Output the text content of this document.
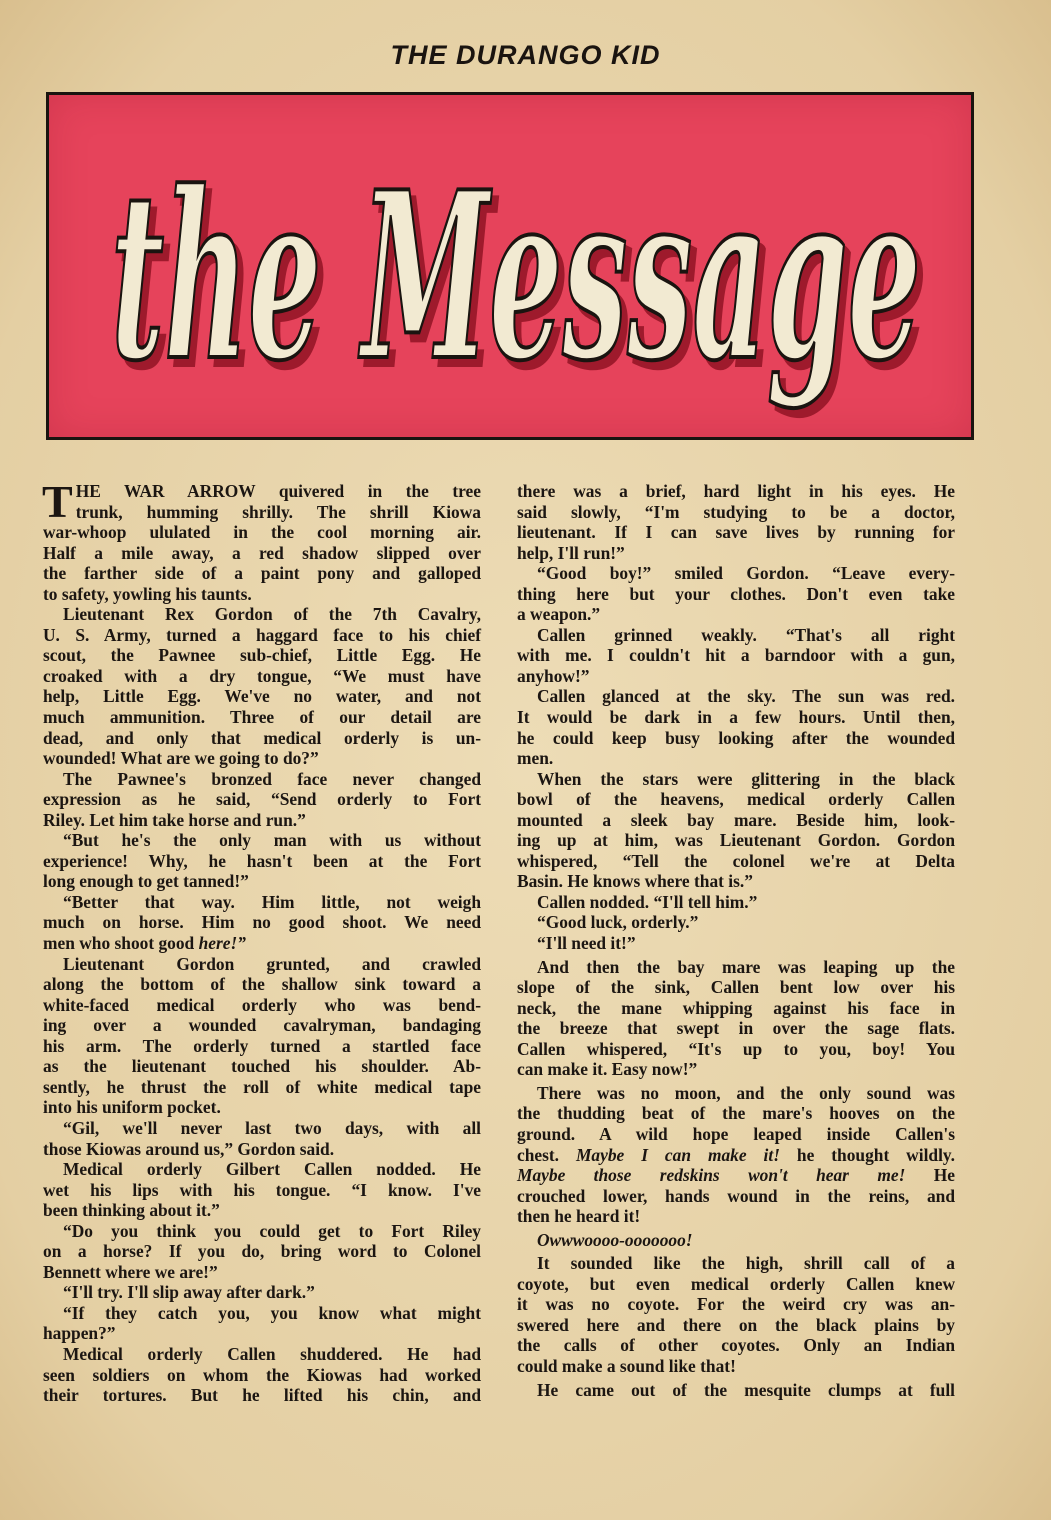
THE DURANGO KID
the Message
T HE WAR ARROW quivered in the tree
trunk, humming shrilly. The shrill Kiowa
war-whoop ululated in the cool morning air.
Half a mile away, a red shadow slipped over
the farther side of a paint pony and galloped
to safety, yowling his taunts.
Lieutenant Rex Gordon of the 7th Cavalry,
U. S. Army, turned a haggard face to his chief
scout, the Pawnee sub-chief, Little Egg. He
croaked with a dry tongue, “We must have
help, Little Egg. We've no water, and not
much ammunition. Three of our detail are
dead, and only that medical orderly is un-
wounded! What are we going to do?”
The Pawnee's bronzed face never changed
expression as he said, “Send orderly to Fort
Riley. Let him take horse and run.”
“But he's the only man with us without
experience! Why, he hasn't been at the Fort
long enough to get tanned!”
“Better that way. Him little, not weigh
much on horse. Him no good shoot. We need
men who shoot good here!”
Lieutenant Gordon grunted, and crawled
along the bottom of the shallow sink toward a
white-faced medical orderly who was bend-
ing over a wounded cavalryman, bandaging
his arm. The orderly turned a startled face
as the lieutenant touched his shoulder. Ab-
sently, he thrust the roll of white medical tape
into his uniform pocket.
“Gil, we'll never last two days, with all
those Kiowas around us,” Gordon said.
Medical orderly Gilbert Callen nodded. He
wet his lips with his tongue. “I know. I've
been thinking about it.”
“Do you think you could get to Fort Riley
on a horse? If you do, bring word to Colonel
Bennett where we are!”
“I'll try. I'll slip away after dark.”
“If they catch you, you know what might
happen?”
Medical orderly Callen shuddered. He had
seen soldiers on whom the Kiowas had worked
their tortures. But he lifted his chin, and
there was a brief, hard light in his eyes. He
said slowly, “I'm studying to be a doctor,
lieutenant. If I can save lives by running for
help, I'll run!”
“Good boy!” smiled Gordon. “Leave every-
thing here but your clothes. Don't even take
a weapon.”
Callen grinned weakly. “That's all right
with me. I couldn't hit a barndoor with a gun,
anyhow!”
Callen glanced at the sky. The sun was red.
It would be dark in a few hours. Until then,
he could keep busy looking after the wounded
men.
When the stars were glittering in the black
bowl of the heavens, medical orderly Callen
mounted a sleek bay mare. Beside him, look-
ing up at him, was Lieutenant Gordon. Gordon
whispered, “Tell the colonel we're at Delta
Basin. He knows where that is.”
Callen nodded. “I'll tell him.”
“Good luck, orderly.”
“I'll need it!”
And then the bay mare was leaping up the
slope of the sink, Callen bent low over his
neck, the mane whipping against his face in
the breeze that swept in over the sage flats.
Callen whispered, “It's up to you, boy! You
can make it. Easy now!”
There was no moon, and the only sound was
the thudding beat of the mare's hooves on the
ground. A wild hope leaped inside Callen's
chest. Maybe I can make it! he thought wildly.
Maybe those redskins won't hear me! He
crouched lower, hands wound in the reins, and
then he heard it!
Owwwoooo-ooooooo!
It sounded like the high, shrill call of a
coyote, but even medical orderly Callen knew
it was no coyote. For the weird cry was an-
swered here and there on the black plains by
the calls of other coyotes. Only an Indian
could make a sound like that!
He came out of the mesquite clumps at full
